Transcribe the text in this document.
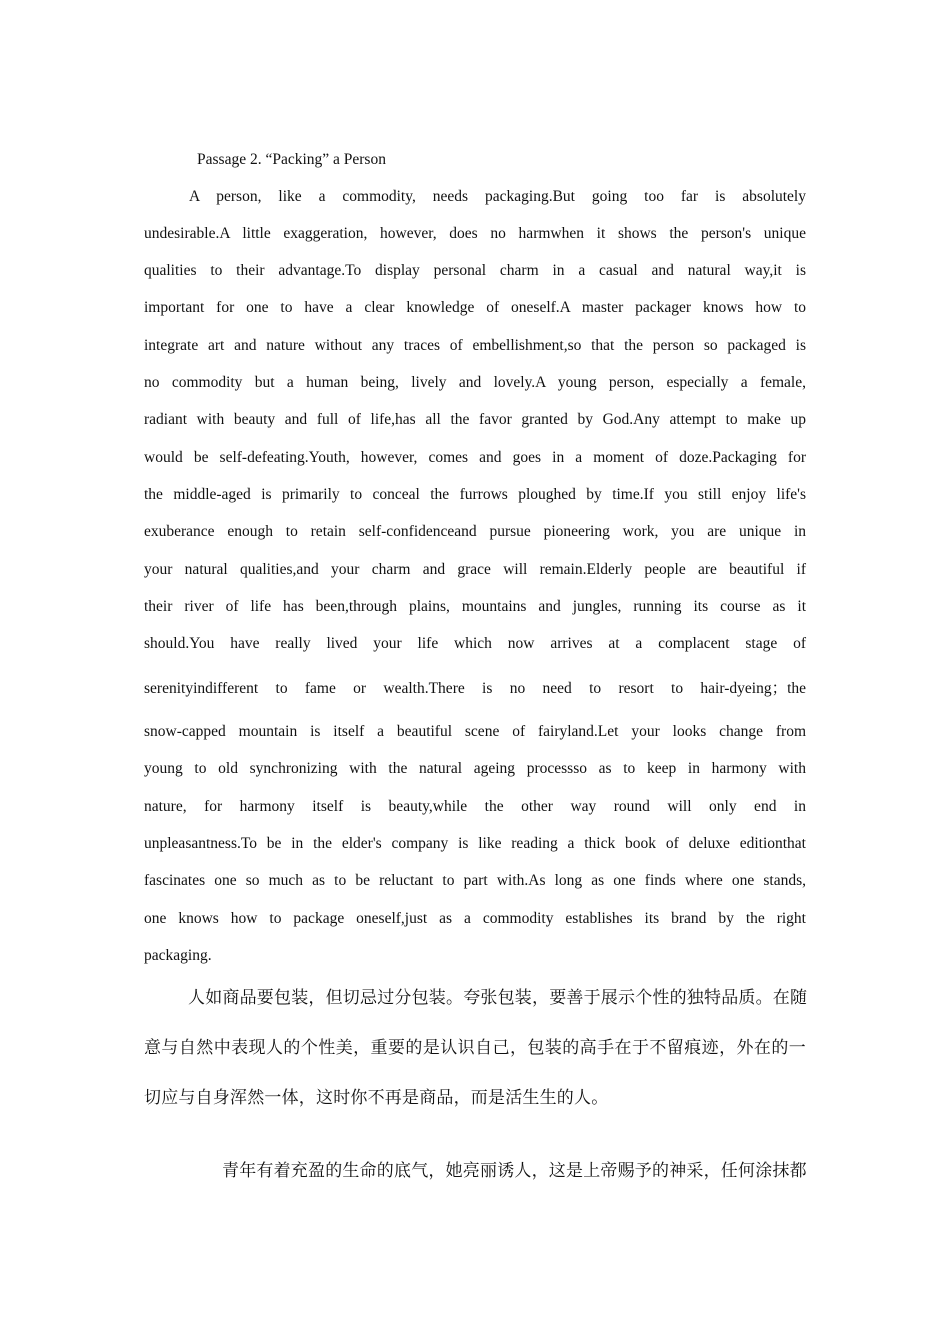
Passage 2. “Packing” a Person
A person, like a commodity, needs packaging.But going too far is absolutely
undesirable.A little exaggeration, however, does no harmwhen it shows the person's unique
qualities to their advantage.To display personal charm in a casual and natural way,it is
important for one to have a clear knowledge of oneself.A master packager knows how to
integrate art and nature without any traces of embellishment,so that the person so packaged is
no commodity but a human being, lively and lovely.A young person, especially a female,
radiant with beauty and full of life,has all the favor granted by God.Any attempt to make up
would be self-defeating.Youth, however, comes and goes in a moment of doze.Packaging for
the middle-aged is primarily to conceal the furrows ploughed by time.If you still enjoy life's
exuberance enough to retain self-confidenceand pursue pioneering work, you are unique in
your natural qualities,and your charm and grace will remain.Elderly people are beautiful if
their river of life has been,through plains, mountains and jungles, running its course as it
should.You have really lived your life which now arrives at a complacent stage of
serenityindifferent to fame or wealth.There is no need to resort to hair-dyeing；the
snow-capped mountain is itself a beautiful scene of fairyland.Let your looks change from
young to old synchronizing with the natural ageing processso as to keep in harmony with
nature, for harmony itself is beauty,while the other way round will only end in
unpleasantness.To be in the elder's company is like reading a thick book of deluxe editionthat
fascinates one so much as to be reluctant to part with.As long as one finds where one stands,
one knows how to package oneself,just as a commodity establishes its brand by the right
packaging.
人如商品要包装，但切忌过分包装。夸张包装，要善于展示个性的独特品质。在随
意与自然中表现人的个性美，重要的是认识自己，包装的高手在于不留痕迹，外在的一
切应与自身浑然一体，这时你不再是商品，而是活生生的人。
青年有着充盈的生命的底气，她亮丽诱人，这是上帝赐予的神采，任何涂抹都
